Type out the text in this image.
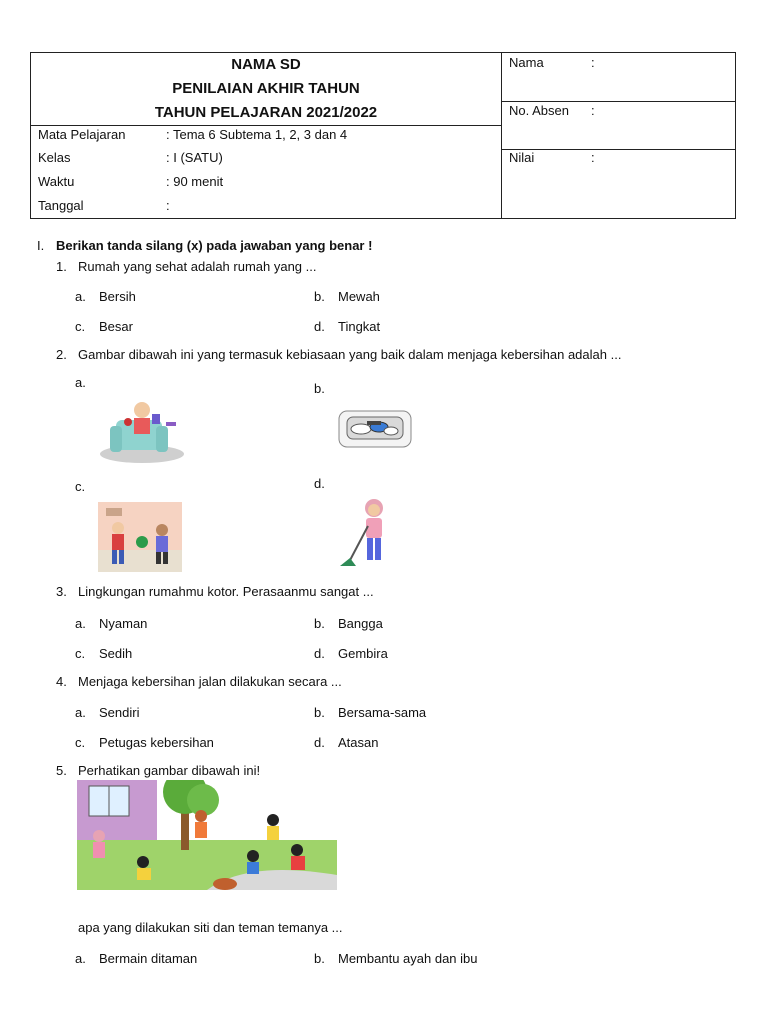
NAMA SD
PENILAIAN AKHIR TAHUN
TAHUN PELAJARAN 2021/2022
Mata Pelajaran	: Tema 6 Subtema 1, 2, 3 dan 4
Kelas	: I (SATU)
Waktu	: 90 menit
Tanggal	:
Nama	:
No. Absen :
Nilai	:
I. Berikan tanda silang (x) pada jawaban yang benar !
1. Rumah yang sehat adalah rumah yang ...
a. Bersih	b. Mewah
c. Besar	d. Tingkat
2. Gambar dibawah ini yang termasuk kebiasaan yang baik dalam menjaga kebersihan adalah ...
a.	b.
c.	d.
3. Lingkungan rumahmu kotor. Perasaanmu sangat ...
a. Nyaman	b. Bangga
c. Sedih	d. Gembira
4. Menjaga kebersihan jalan dilakukan secara ...
a. Sendiri	b. Bersama-sama
c. Petugas kebersihan	d. Atasan
5. Perhatikan gambar dibawah ini!
apa yang dilakukan siti dan teman temanya ...
a. Bermain ditaman	b. Membantu ayah dan ibu
